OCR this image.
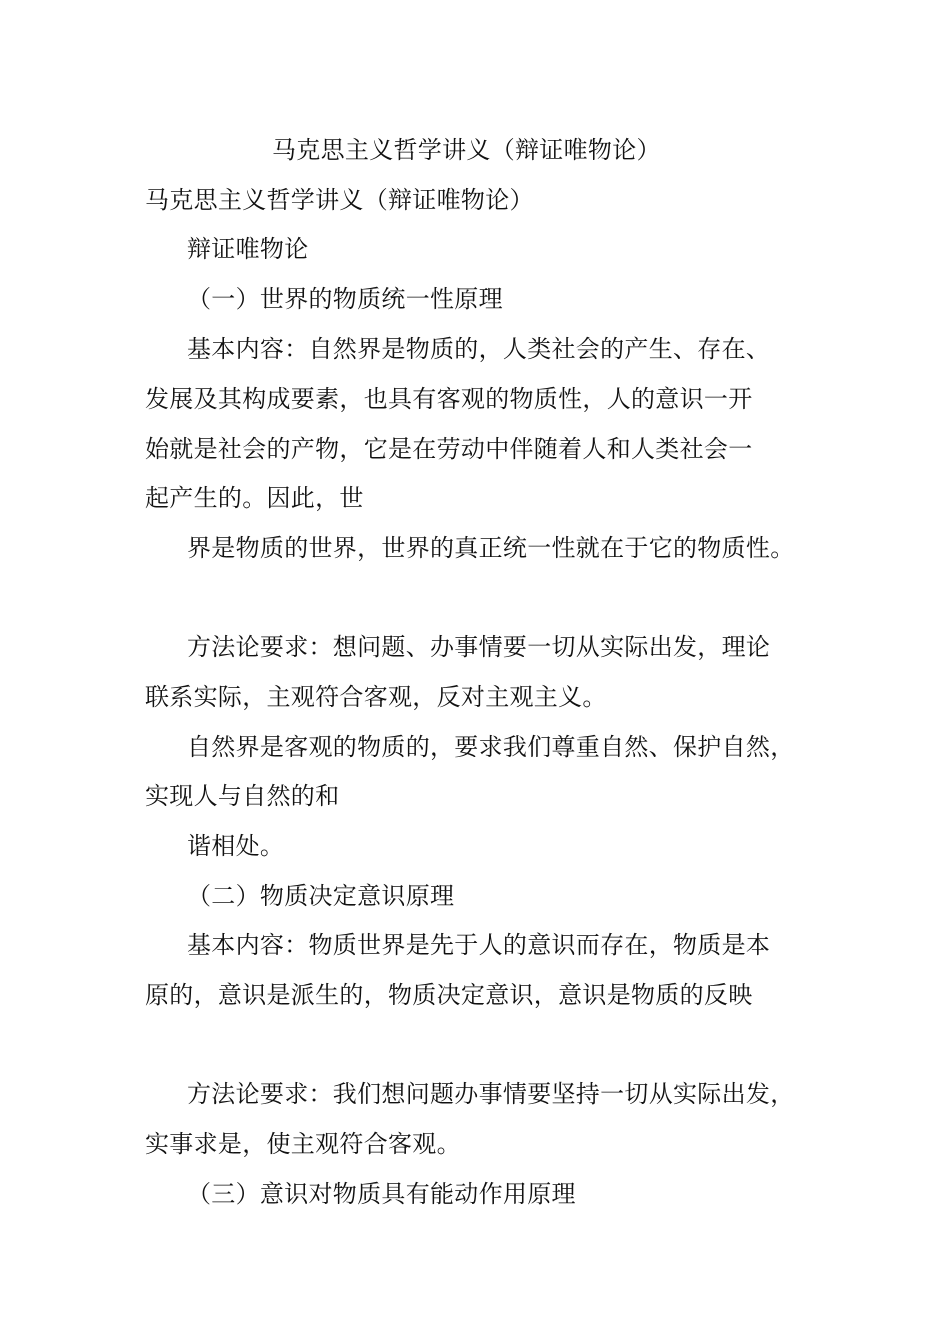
马克思主义哲学讲义（辩证唯物论）
马克思主义哲学讲义（辩证唯物论）
辩证唯物论
（一）世界的物质统一性原理
基本内容：自然界是物质的，人类社会的产生、存在、
发展及其构成要素，也具有客观的物质性，人的意识一开
始就是社会的产物，它是在劳动中伴随着人和人类社会一
起产生的。因此，世
界是物质的世界，世界的真正统一性就在于它的物质性。
方法论要求：想问题、办事情要一切从实际出发，理论
联系实际，主观符合客观，反对主观主义。
自然界是客观的物质的，要求我们尊重自然、保护自然，
实现人与自然的和
谐相处。
（二）物质决定意识原理
基本内容：物质世界是先于人的意识而存在，物质是本
原的，意识是派生的，物质决定意识，意识是物质的反映
方法论要求：我们想问题办事情要坚持一切从实际出发，
实事求是，使主观符合客观。
（三）意识对物质具有能动作用原理
